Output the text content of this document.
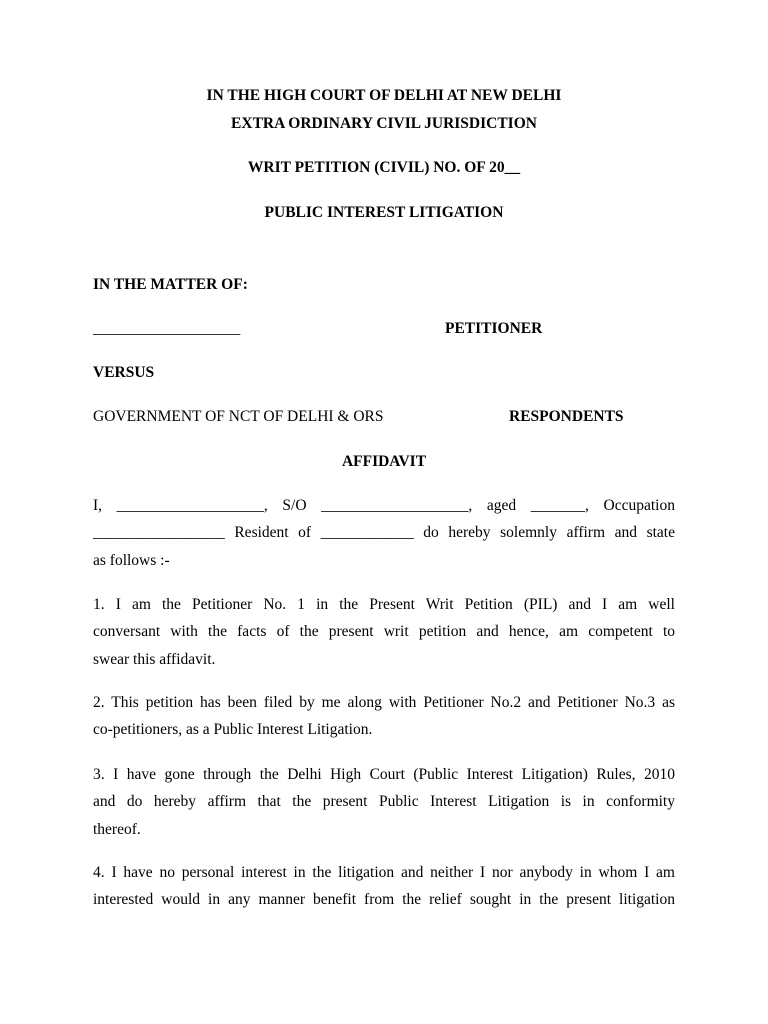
IN THE HIGH COURT OF DELHI AT NEW DELHI
EXTRA ORDINARY CIVIL JURISDICTION
WRIT PETITION (CIVIL) NO. OF 20__
PUBLIC INTEREST LITIGATION
IN THE MATTER OF:
___________________	PETITIONER
VERSUS
GOVERNMENT OF NCT OF DELHI & ORS	RESPONDENTS
AFFIDAVIT
I, ___________________, S/O ___________________, aged _______, Occupation
_________________ Resident of ____________ do hereby solemnly affirm and state
as follows :-
1. I am the Petitioner No. 1 in the Present Writ Petition (PIL) and I am well
conversant with the facts of the present writ petition and hence, am competent to
swear this affidavit.
2. This petition has been filed by me along with Petitioner No.2 and Petitioner No.3 as
co-petitioners, as a Public Interest Litigation.
3. I have gone through the Delhi High Court (Public Interest Litigation) Rules, 2010
and do hereby affirm that the present Public Interest Litigation is in conformity
thereof.
4. I have no personal interest in the litigation and neither I nor anybody in whom I am
interested would in any manner benefit from the relief sought in the present litigation
